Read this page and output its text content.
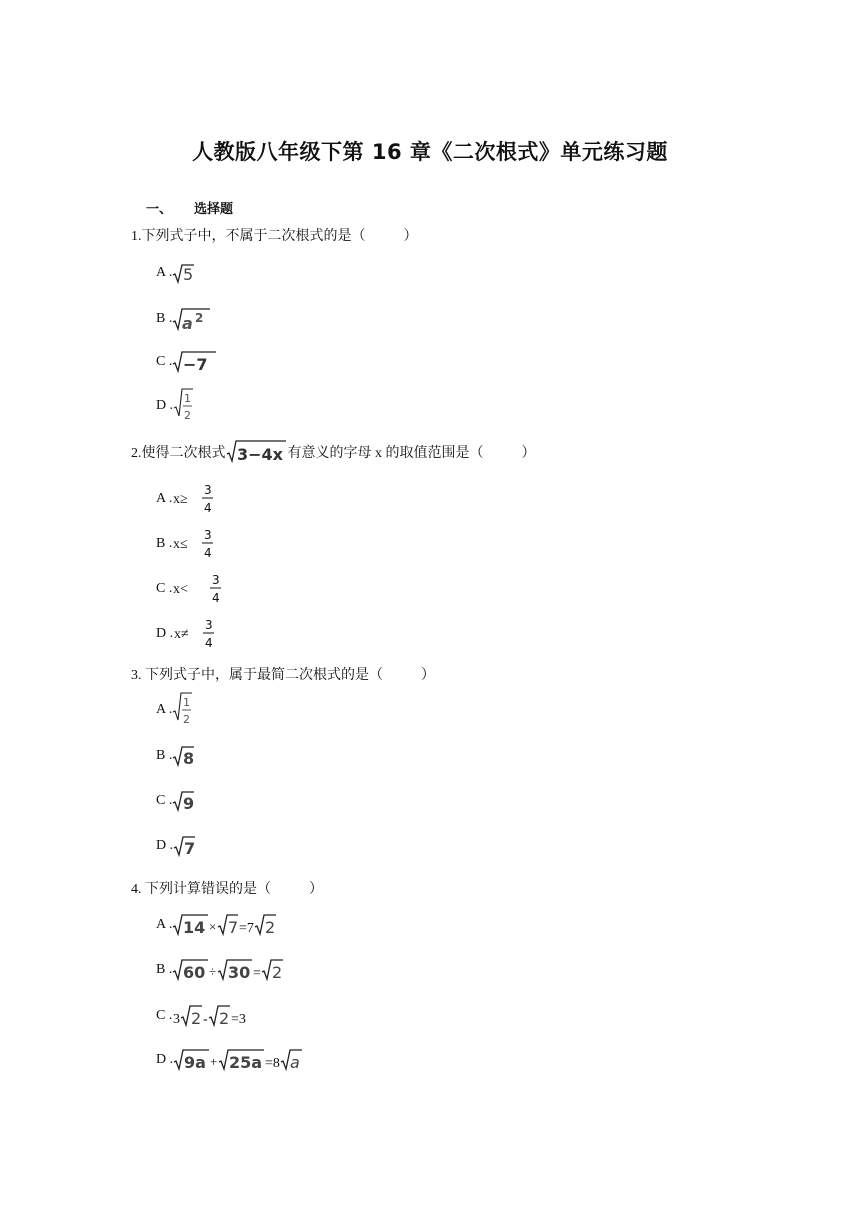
人教版八年级下第 16 章《二次根式》单元练习题
一、 选择题
1.下列式子中，不属于二次根式的是（	）
A . 5
B . a 2
C . −7
D . 1
2
2.使得二次根式 3−4x 有意义的字母 x 的取值范围是（	）
A . x≥
3
4
B . x≤
3
4
C . x<
3
4
D . x≠
3
4
3. 下列式子中，属于最简二次根式的是（	）
A . 1
2
B . 8
C . 9
D . 7
4. 下列计算错误的是（	）
A . 14 × 7 =7 2
B . 60 ÷ 30 = 2
C . 3 2 - 2 =3
D . 9a + 25a =8 a
